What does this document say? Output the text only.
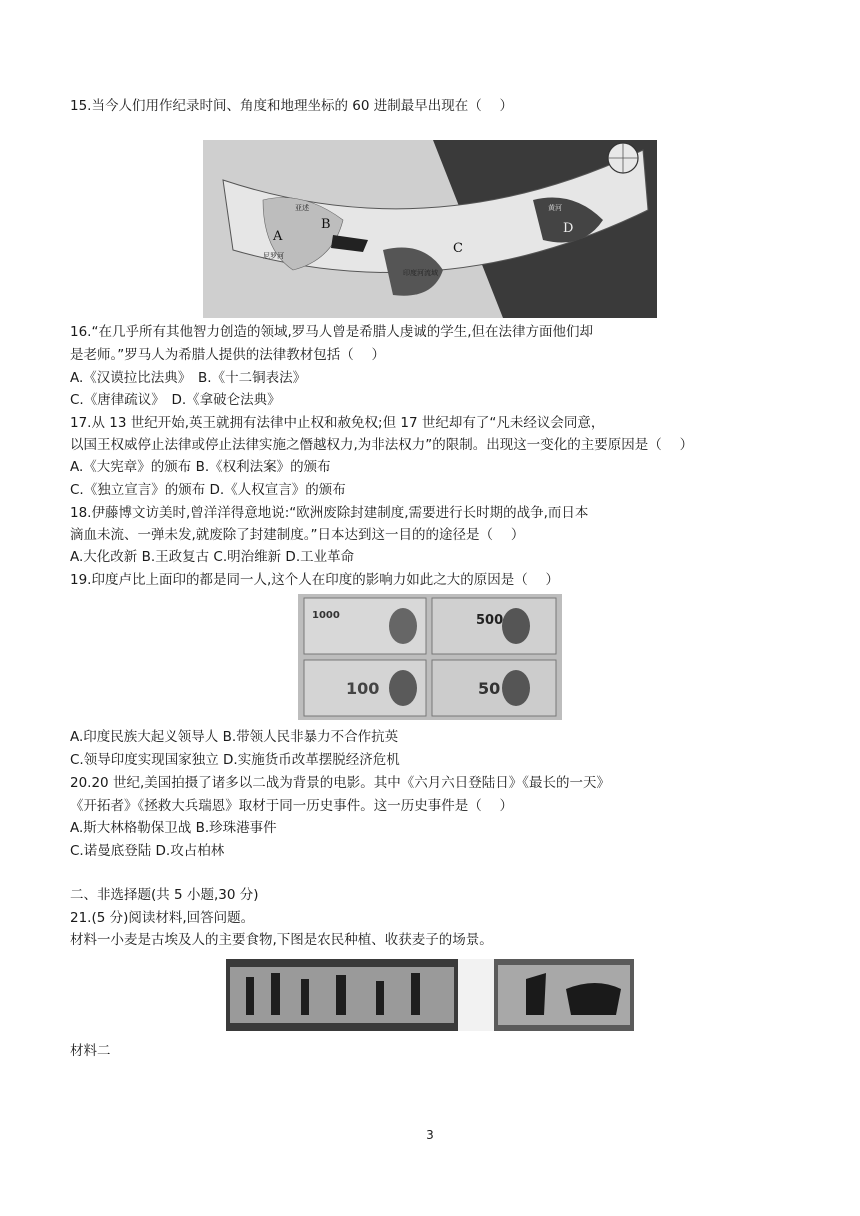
15.当今人们用作纪录时间、角度和地理坐标的 60 进制最早出现在（　 ）
A
B
C
D
亚述
印度河流域
尼罗河
黄河
16.“在几乎所有其他智力创造的领域,罗马人曾是希腊人虔诚的学生,但在法律方面他们却
是老师。”罗马人为希腊人提供的法律教材包括（　 ）
A.《汉谟拉比法典》　B.《十二铜表法》
C.《唐律疏议》　D.《拿破仑法典》
17.从 13 世纪开始,英王就拥有法律中止权和赦免权;但 17 世纪却有了“凡未经议会同意，
以国王权威停止法律或停止法律实施之僭越权力,为非法权力”的限制。出现这一变化的主要原因是（　 ）
A.《大宪章》的颁布 B.《权利法案》的颁布
C.《独立宣言》的颁布 D.《人权宣言》的颁布
18.伊藤博文访美时,曾洋洋得意地说:“欧洲废除封建制度,需要进行长时期的战争,而日本
滴血未流、一弹未发,就废除了封建制度。”日本达到这一目的的途径是（　 ）
A.大化改新 B.王政复古 C.明治维新 D.工业革命
19.印度卢比上面印的都是同一人,这个人在印度的影响力如此之大的原因是（　 ）
1000	500
100	50
A.印度民族大起义领导人 B.带领人民非暴力不合作抗英
C.领导印度实现国家独立 D.实施货币改革摆脱经济危机
20.20 世纪,美国拍摄了诸多以二战为背景的电影。其中《六月六日登陆日》《最长的一天》
《开拓者》《拯救大兵瑞恩》取材于同一历史事件。这一历史事件是（　 ）
A.斯大林格勒保卫战 B.珍珠港事件
C.诺曼底登陆 D.攻占柏林
二、非选择题(共 5 小题,30 分)
21.(5 分)阅读材料,回答问题。
材料一小麦是古埃及人的主要食物,下图是农民种植、收获麦子的场景。
材料二
3
